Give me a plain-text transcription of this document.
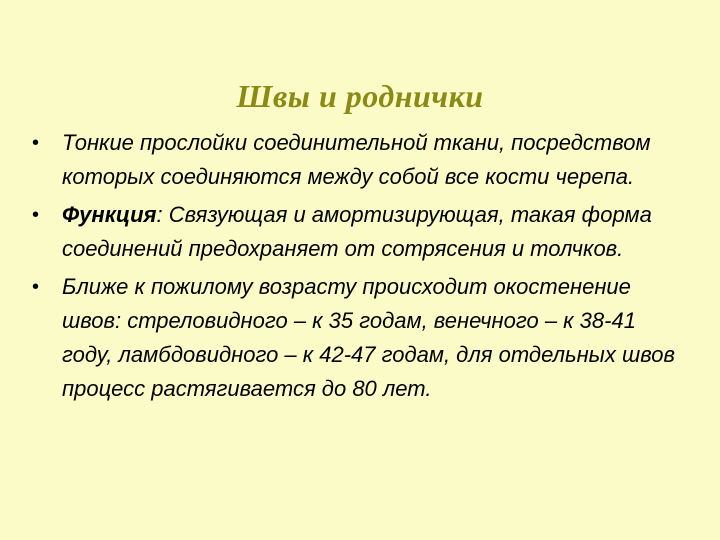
Швы и роднички
• Тонкие прослойки соединительной ткани, посредством которых соединяются между собой все кости черепа.
• Функция: Связующая и амортизирующая, такая форма соединений предохраняет от сотрясения и толчков.
• Ближе к пожилому возрасту происходит окостенение швов: стреловидного – к 35 годам, венечного – к 38-41 году, ламбдовидного – к 42-47 годам, для отдельных швов процесс растягивается до 80 лет.
